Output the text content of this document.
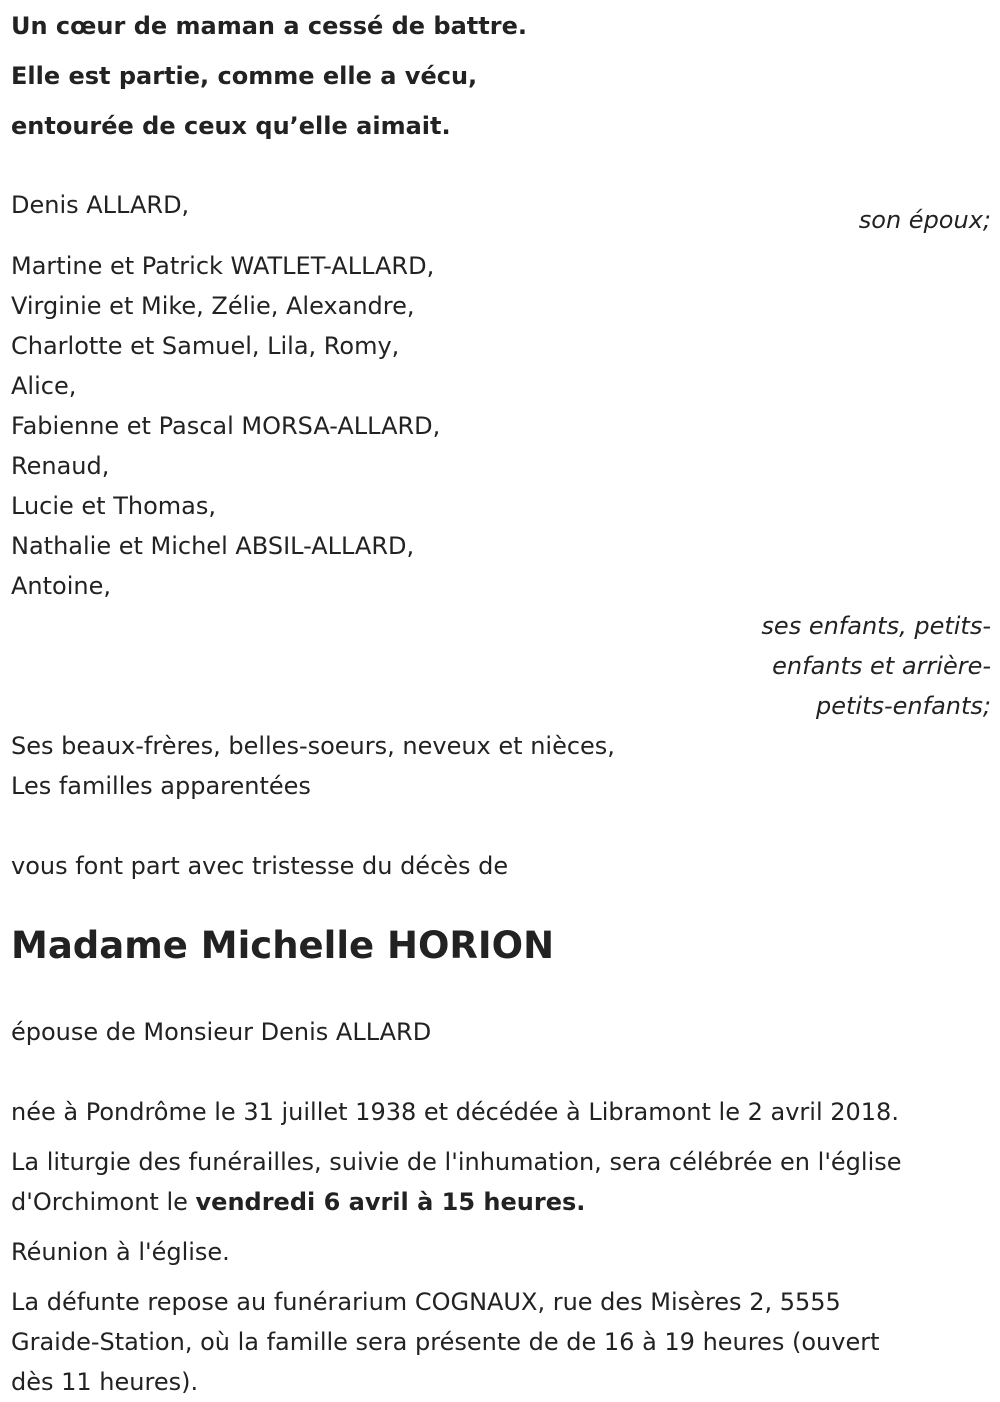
Un cœur de maman a cessé de battre.
Elle est partie, comme elle a vécu,
entourée de ceux qu’elle aimait.
Denis ALLARD,
son époux;
Martine et Patrick WATLET-ALLARD,
Virginie et Mike, Zélie, Alexandre,
Charlotte et Samuel, Lila, Romy,
Alice,
Fabienne et Pascal MORSA-ALLARD,
Renaud,
Lucie et Thomas,
Nathalie et Michel ABSIL-ALLARD,
Antoine,
ses enfants, petits-
enfants et arrière-
petits-enfants;
Ses beaux-frères, belles-soeurs, neveux et nièces,
Les familles apparentées
vous font part avec tristesse du décès de
Madame Michelle HORION
épouse de Monsieur Denis ALLARD
née à Pondrôme le 31 juillet 1938 et décédée à Libramont le 2 avril 2018.
La liturgie des funérailles, suivie de l'inhumation, sera célébrée en l'église
d'Orchimont le vendredi 6 avril à 15 heures.
Réunion à l'église.
La défunte repose au funérarium COGNAUX, rue des Misères 2, 5555
Graide-Station, où la famille sera présente de de 16 à 19 heures (ouvert
dès 11 heures).
